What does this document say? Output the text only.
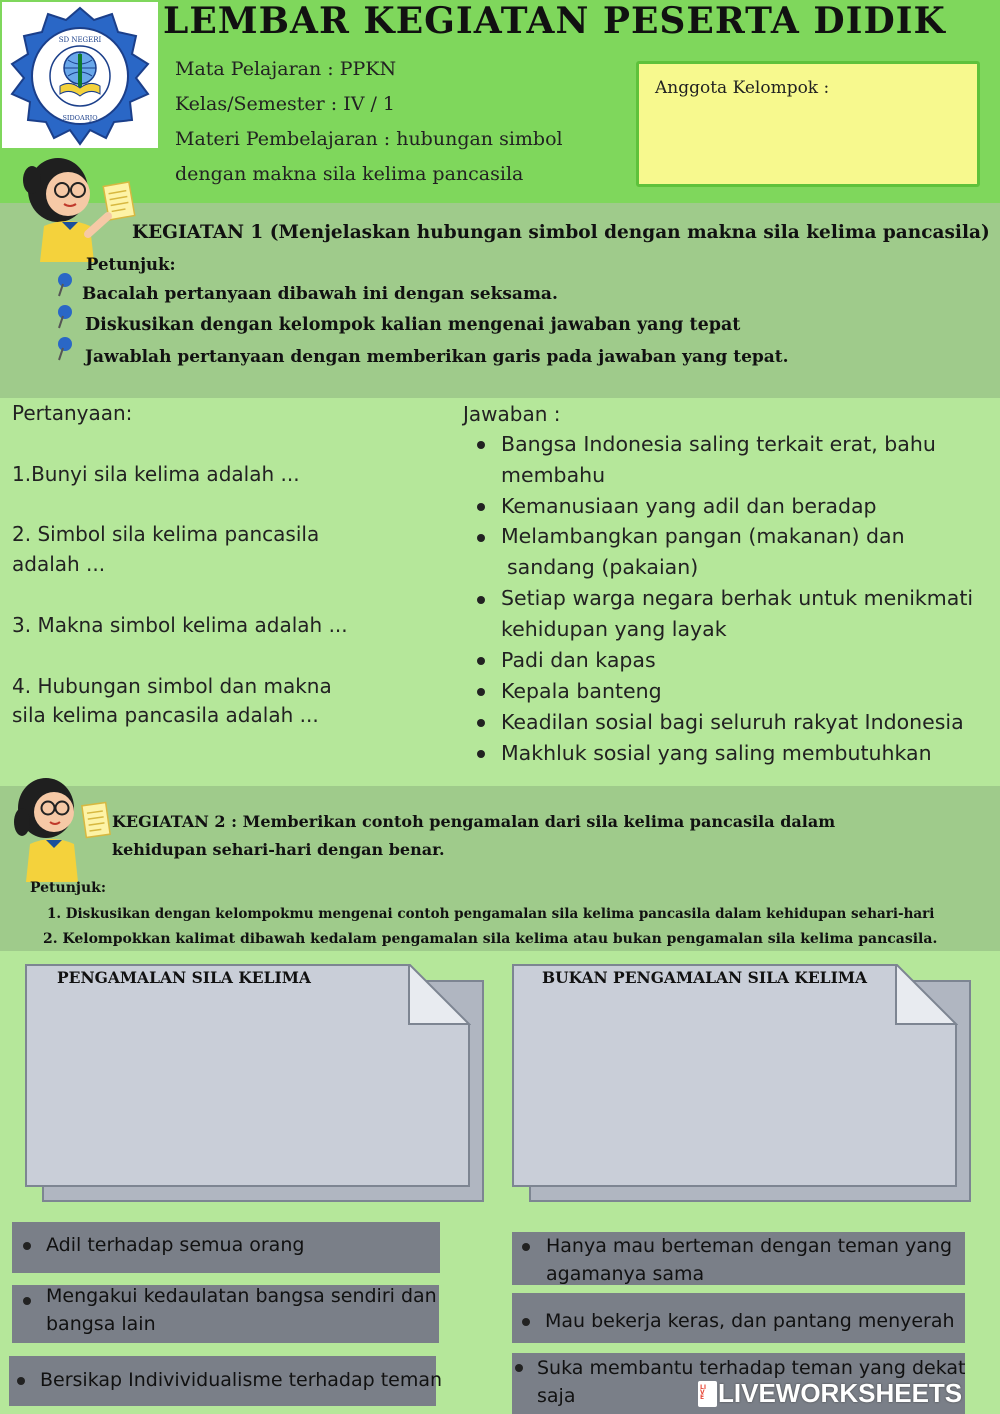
SD NEGERI
SIDOARJO
LEMBAR KEGIATAN PESERTA DIDIK
Mata Pelajaran : PPKN
Kelas/Semester : IV / 1
Materi Pembelajaran : hubungan simbol
dengan makna sila kelima pancasila
Anggota Kelompok :
KEGIATAN 1 (Menjelaskan hubungan simbol dengan makna sila kelima pancasila)
Petunjuk:
Bacalah pertanyaan dibawah ini dengan seksama.
Diskusikan dengan kelompok kalian mengenai jawaban yang tepat
Jawablah pertanyaan dengan memberikan garis pada jawaban yang tepat.
Pertanyaan:
1.Bunyi sila kelima adalah ...
2. Simbol sila kelima pancasila
adalah ...
3. Makna simbol kelima adalah ...
4. Hubungan simbol dan makna
sila kelima pancasila adalah ...
Jawaban :
Bangsa Indonesia saling terkait erat, bahu
membahu
Kemanusiaan yang adil dan beradap
Melambangkan pangan (makanan) dan
sandang (pakaian)
Setiap warga negara berhak untuk menikmati
kehidupan yang layak
Padi dan kapas
Kepala banteng
Keadilan sosial bagi seluruh rakyat Indonesia
Makhluk sosial yang saling membutuhkan
KEGIATAN 2 : Memberikan contoh pengamalan dari sila kelima pancasila dalam
kehidupan sehari-hari dengan benar.
Petunjuk:
1. Diskusikan dengan kelompokmu mengenai contoh pengamalan sila kelima pancasila dalam kehidupan sehari-hari
2. Kelompokkan kalimat dibawah kedalam pengamalan sila kelima atau bukan pengamalan sila kelima pancasila.
PENGAMALAN SILA KELIMA	BUKAN PENGAMALAN SILA KELIMA
Adil terhadap semua orang
Mengakui kedaulatan bangsa sendiri dan
bangsa lain
Bersikap Indivividualisme terhadap teman
Hanya mau berteman dengan teman yang
agamanya sama
Mau bekerja keras, dan pantang menyerah
Suka membantu terhadap teman yang dekat
saja	LIVE LIVEWORKSHEETS
